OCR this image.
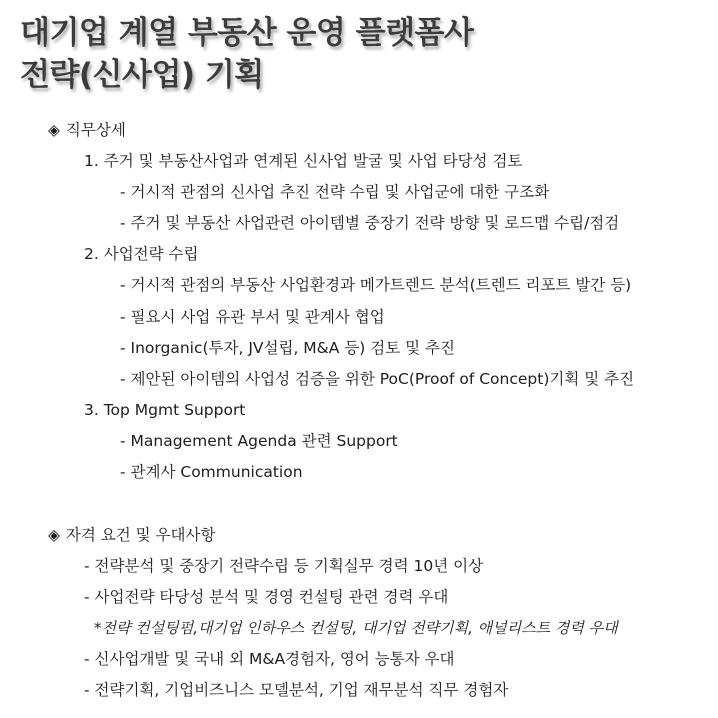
대기업 계열 부동산 운영 플랫폼사
전략(신사업) 기획
◈ 직무상세
1. 주거 및 부동산사업과 연계된 신사업 발굴 및 사업 타당성 검토
- 거시적 관점의 신사업 추진 전략 수립 및 사업군에 대한 구조화
- 주거 및 부동산 사업관련 아이템별 중장기 전략 방향 및 로드맵 수립/점검
2. 사업전략 수립
- 거시적 관점의 부동산 사업환경과 메가트렌드 분석(트렌드 리포트 발간 등)
- 필요시 사업 유관 부서 및 관계사 협업
- Inorganic(투자, JV설립, M&A 등) 검토 및 추진
- 제안된 아이템의 사업성 검증을 위한 PoC(Proof of Concept)기획 및 추진
3. Top Mgmt Support
- Management Agenda 관련 Support
- 관계사 Communication
◈ 자격 요건 및 우대사항
- 전략분석 및 중장기 전략수립 등 기획실무 경력 10년 이상
- 사업전략 타당성 분석 및 경영 컨설팅 관련 경력 우대
*전략 컨설팅펌,대기업 인하우스 컨설팅, 대기업 전략기획, 애널리스트 경력 우대
- 신사업개발 및 국내 외 M&A경험자, 영어 능통자 우대
- 전략기획, 기업비즈니스 모델분석, 기업 재무분석 직무 경험자
